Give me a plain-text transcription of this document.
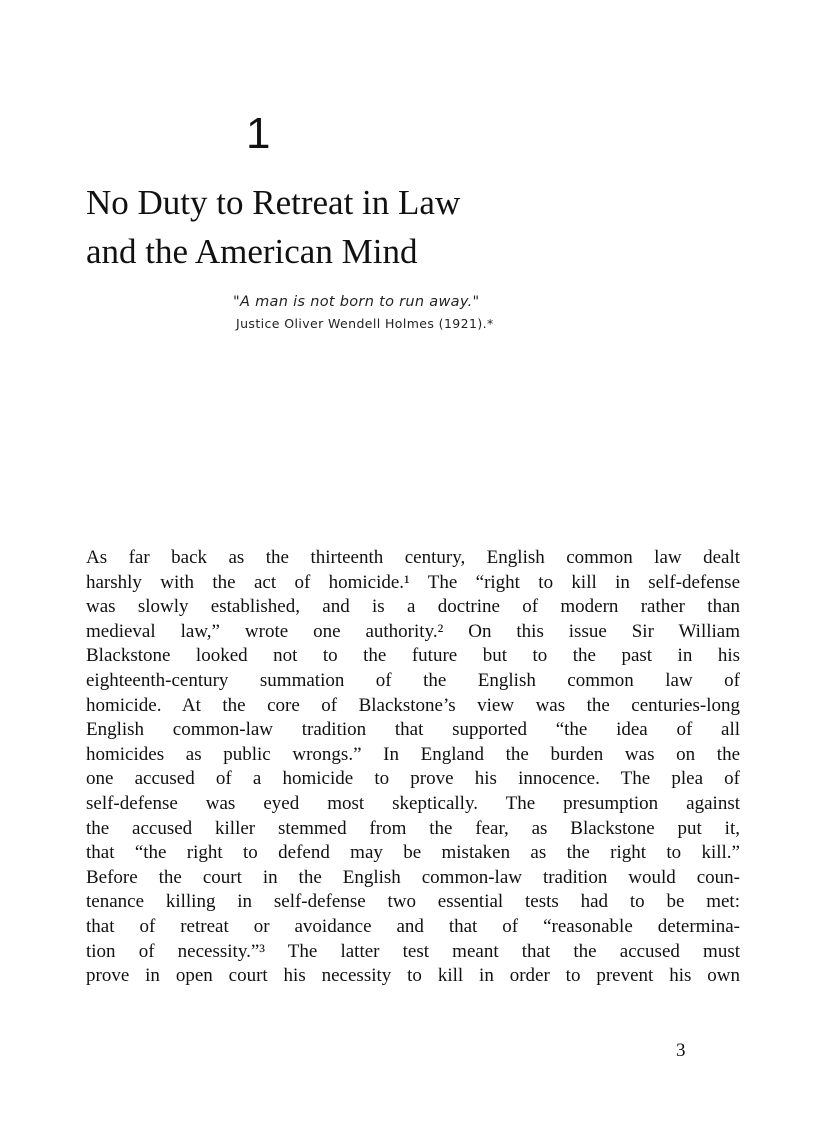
1
No Duty to Retreat in Law
and the American Mind
"A man is not born to run away."
Justice Oliver Wendell Holmes (1921).*
As far back as the thirteenth century, English common law dealt
harshly with the act of homicide.¹ The “right to kill in self-defense
was slowly established, and is a doctrine of modern rather than
medieval law,” wrote one authority.² On this issue Sir William
Blackstone looked not to the future but to the past in his
eighteenth-century summation of the English common law of
homicide. At the core of Blackstone’s view was the centuries-long
English common-law tradition that supported “the idea of all
homicides as public wrongs.” In England the burden was on the
one accused of a homicide to prove his innocence. The plea of
self-defense was eyed most skeptically. The presumption against
the accused killer stemmed from the fear, as Blackstone put it,
that “the right to defend may be mistaken as the right to kill.”
Before the court in the English common-law tradition would coun-
tenance killing in self-defense two essential tests had to be met:
that of retreat or avoidance and that of “reasonable determina-
tion of necessity.”³ The latter test meant that the accused must
prove in open court his necessity to kill in order to prevent his own
3
